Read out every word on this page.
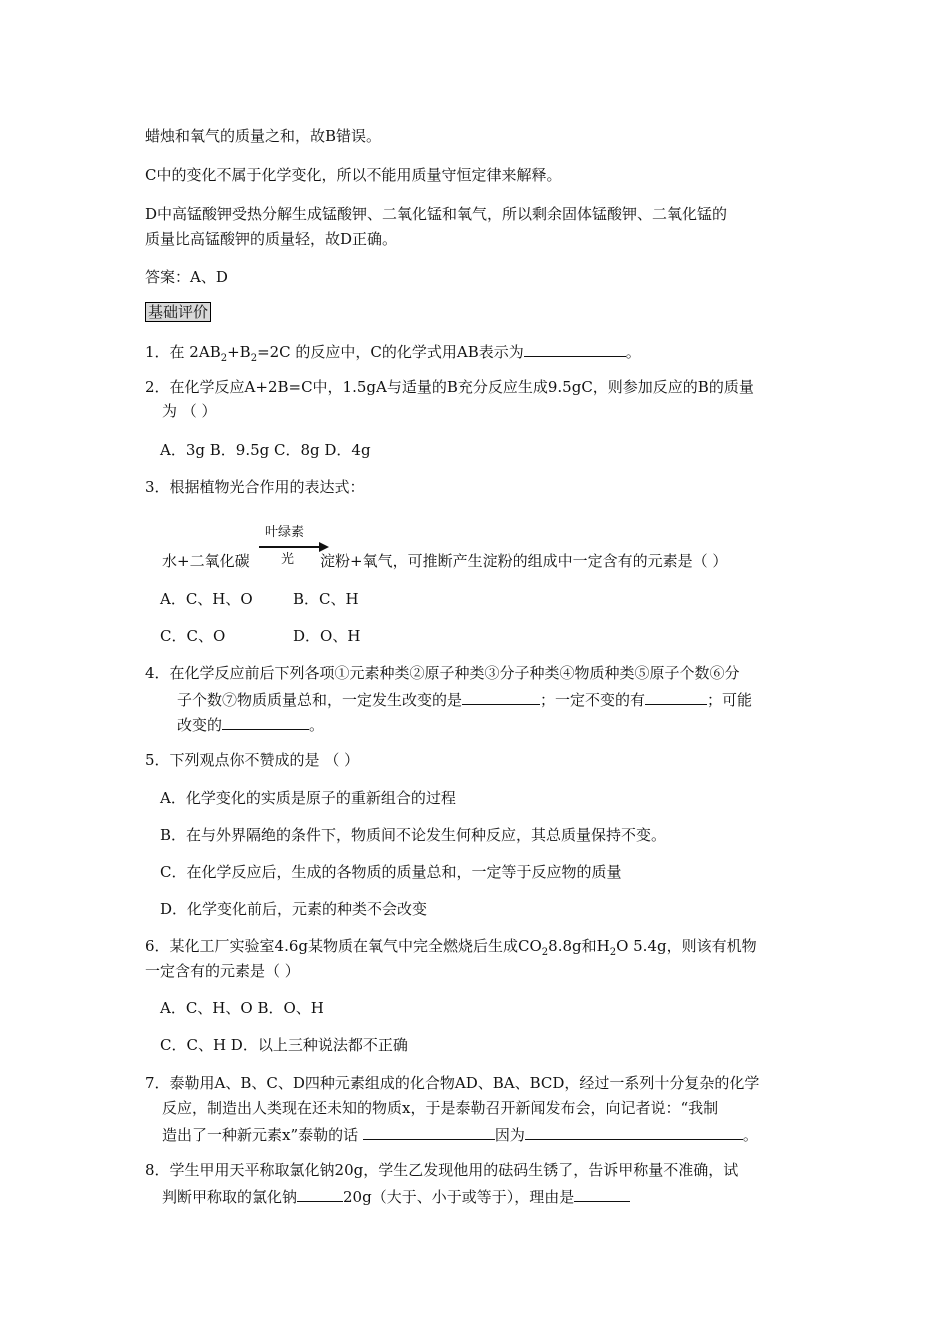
蜡烛和氧气的质量之和，故B错误。
C中的变化不属于化学变化，所以不能用质量守恒定律来解释。
D中高锰酸钾受热分解生成锰酸钾、二氧化锰和氧气，所以剩余固体锰酸钾、二氧化锰的
质量比高锰酸钾的质量轻，故D正确。
答案：A、D
基础评价
1．在 $2AB_2+B_2=2C$ 的反应中，C的化学式用AB表示为	。
2．在化学反应A+2B=C中，1.5gA与适量的B充分反应生成9.5gC，则参加反应的B的质量
为 （ ）
A．3g B．9.5g C．8g D．4g
3．根据植物光合作用的表达式：
水+二氧化碳
叶绿素
光 淀粉+氧气，可推断产生淀粉的组成中一定含有的元素是（ ）
A．C、H、O	B．C、H
C．C、O	D．O、H
4．在化学反应前后下列各项①元素种类②原子种类③分子种类④物质种类⑤原子个数⑥分
子个数⑦物质质量总和，一定发生改变的是	；一定不变的有	；可能
改变的	。
5．下列观点你不赞成的是 （ ）
A．化学变化的实质是原子的重新组合的过程
B．在与外界隔绝的条件下，物质间不论发生何种反应，其总质量保持不变。
C．在化学反应后，生成的各物质的质量总和，一定等于反应物的质量
D．化学变化前后，元素的种类不会改变
6．某化工厂实验室4.6g某物质在氧气中完全燃烧后生成$CO_28.8g$和$H_2O$ 5.4g，则该有机物
一定含有的元素是（ ）
A．C、H、O B．O、H
C．C、H D．以上三种说法都不正确
7．泰勒用A、B、C、D四种元素组成的化合物AD、BA、BCD，经过一系列十分复杂的化学
反应，制造出人类现在还未知的物质x，于是泰勒召开新闻发布会，向记者说：“我制
造出了一种新元素x”泰勒的话	因为	。
8．学生甲用天平称取氯化钠20g，学生乙发现他用的砝码生锈了，告诉甲称量不准确，试
判断甲称取的氯化钠	20g（大于、小于或等于），理由是
